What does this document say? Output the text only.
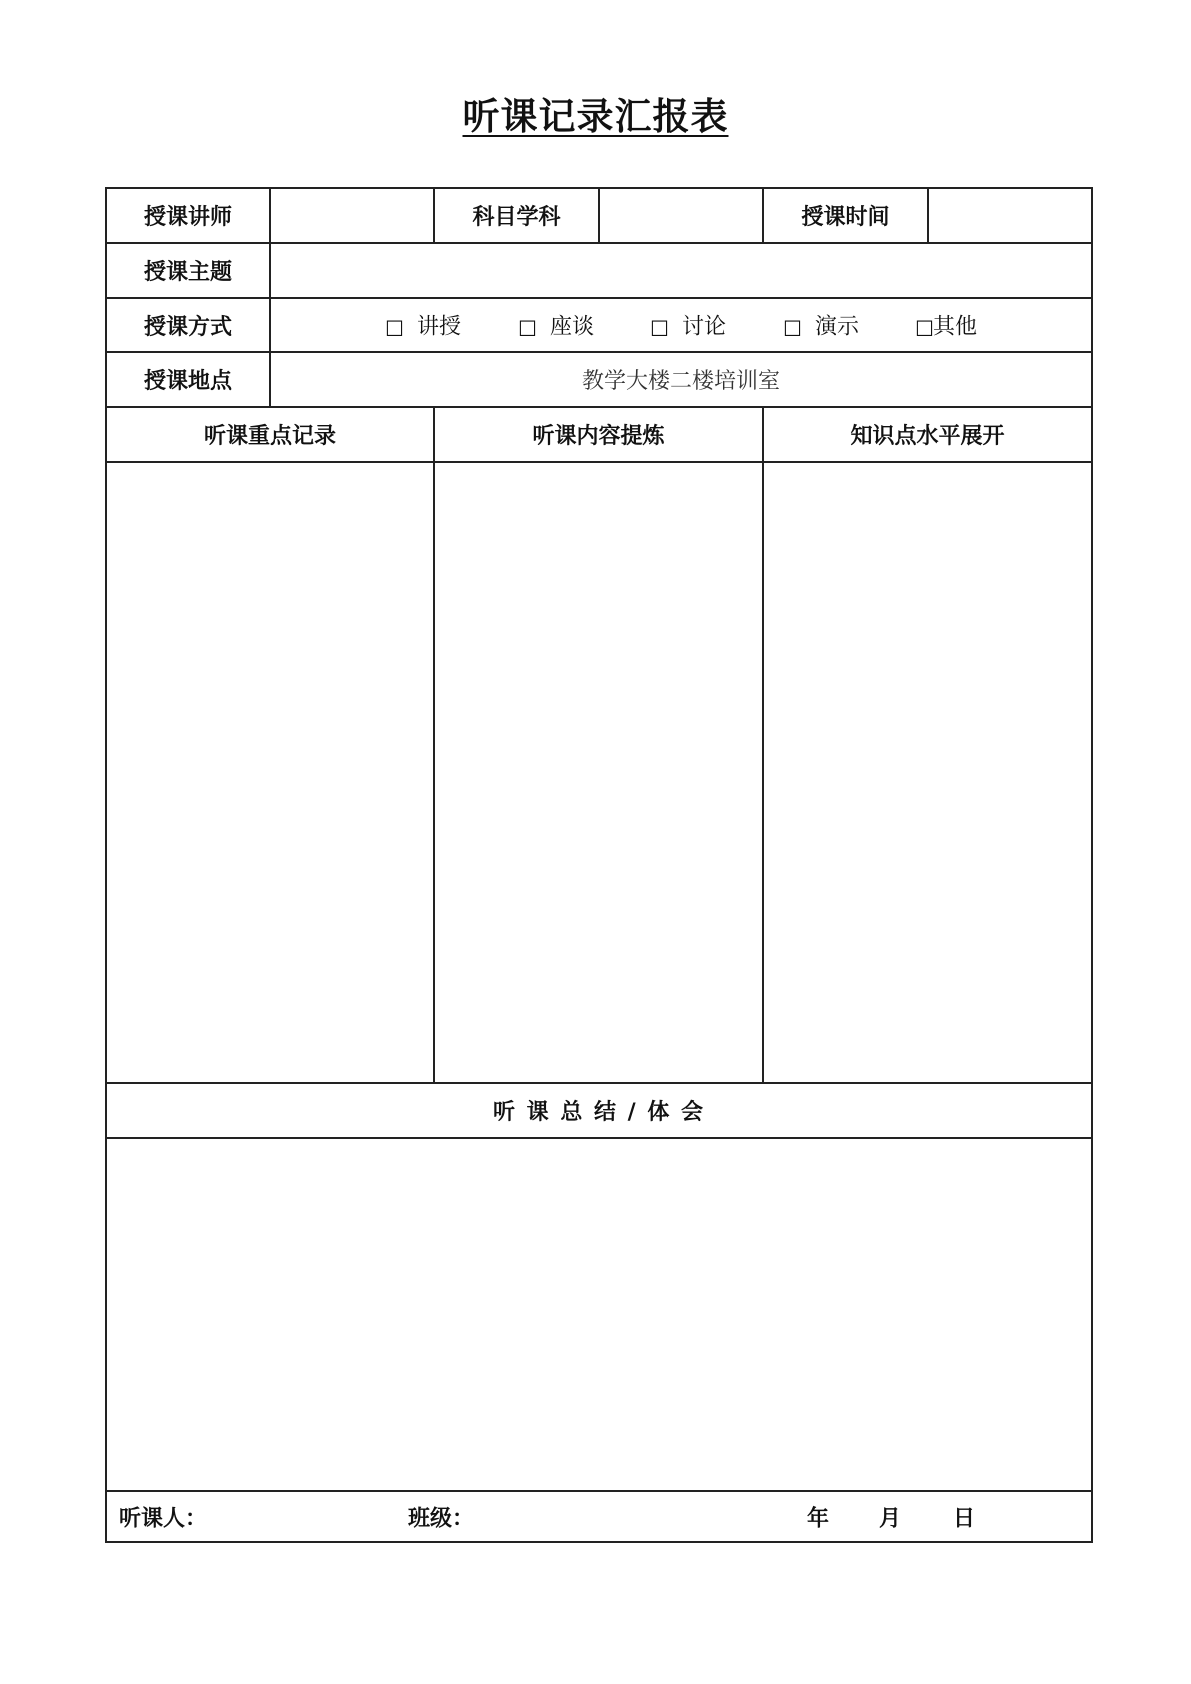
听课记录汇报表
授课讲师		科目学科		授课时间	
授课主题					
授课方式	□ 讲授 □ 座谈 □ 讨论 □ 演示 □其他				

授课地点	教学大楼二楼培训室				
听课重点记录		听课内容提炼		知识点水平展开	

听 课 总 结 / 体 会					

听课人： 班级： 年 月 日					
